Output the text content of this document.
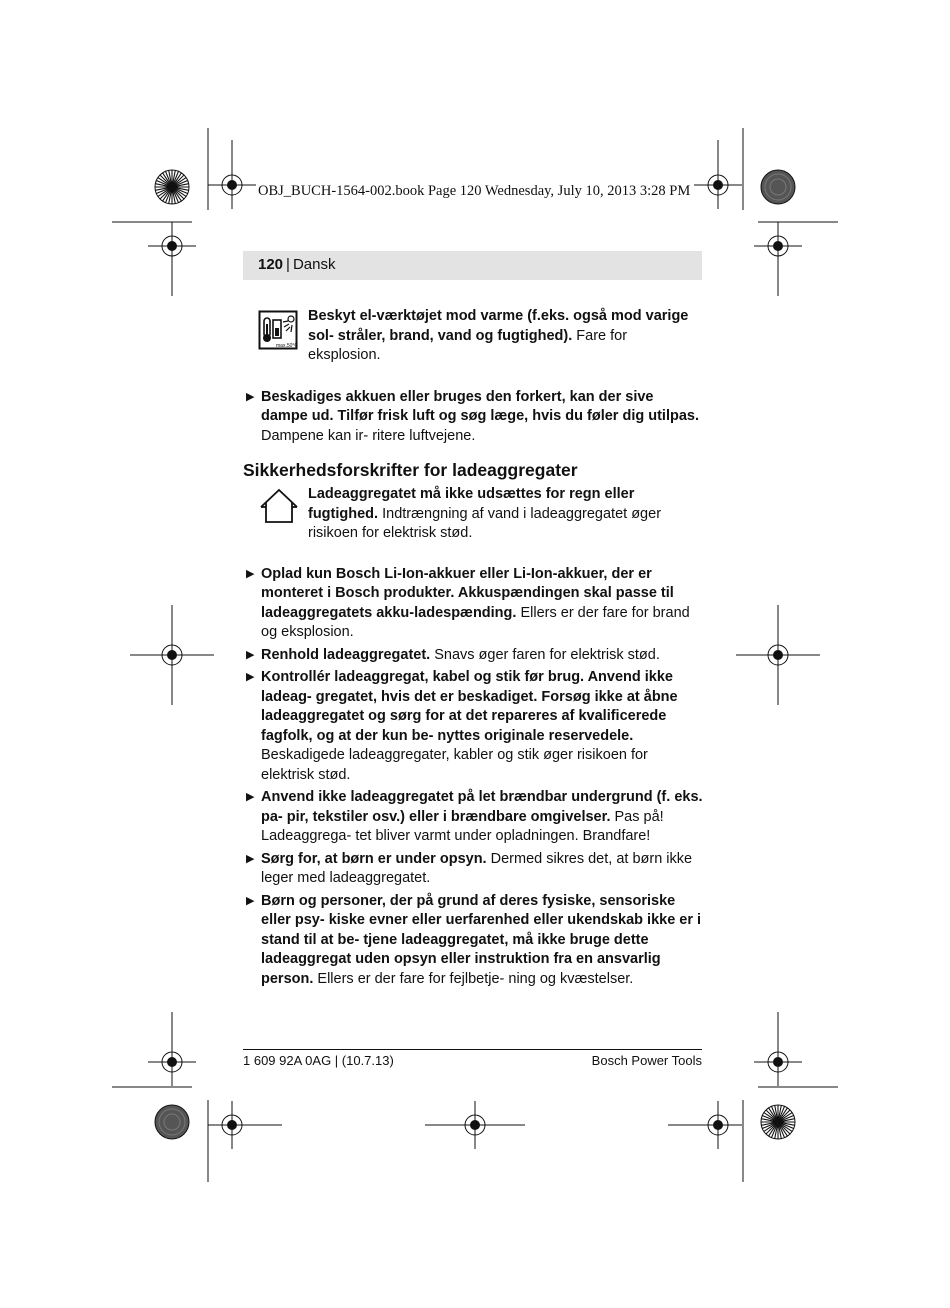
OBJ_BUCH-1564-002.book Page 120 Wednesday, July 10, 2013 3:28 PM
120 | Dansk
max.50°C
Beskyt el-værktøjet mod varme (f.eks. også mod varige sol- stråler, brand, vand og fugtighed). Fare for eksplosion.
▶ Beskadiges akkuen eller bruges den forkert, kan der sive dampe ud. Tilfør frisk luft og søg læge, hvis du føler dig utilpas. Dampene kan ir- ritere luftvejene.
Sikkerhedsforskrifter for ladeaggregater
Ladeaggregatet må ikke udsættes for regn eller fugtighed. Indtrængning af vand i ladeaggregatet øger risikoen for elektrisk stød.
▶ Oplad kun Bosch Li-Ion-akkuer eller Li-Ion-akkuer, der er monteret i Bosch produkter. Akkuspændingen skal passe til ladeaggregatets akku-ladespænding. Ellers er der fare for brand og eksplosion.
▶ Renhold ladeaggregatet. Snavs øger faren for elektrisk stød.
▶ Kontrollér ladeaggregat, kabel og stik før brug. Anvend ikke ladeag- gregatet, hvis det er beskadiget. Forsøg ikke at åbne ladeaggregatet og sørg for at det repareres af kvalificerede fagfolk, og at der kun be- nyttes originale reservedele. Beskadigede ladeaggregater, kabler og stik øger risikoen for elektrisk stød.
▶ Anvend ikke ladeaggregatet på let brændbar undergrund (f. eks. pa- pir, tekstiler osv.) eller i brændbare omgivelser. Pas på! Ladeaggrega- tet bliver varmt under opladningen. Brandfare!
▶ Sørg for, at børn er under opsyn. Dermed sikres det, at børn ikke leger med ladeaggregatet.
▶ Børn og personer, der på grund af deres fysiske, sensoriske eller psy- kiske evner eller uerfarenhed eller ukendskab ikke er i stand til at be- tjene ladeaggregatet, må ikke bruge dette ladeaggregat uden opsyn eller instruktion fra en ansvarlig person. Ellers er der fare for fejlbetje- ning og kvæstelser.
1 609 92A 0AG | (10.7.13)	Bosch Power Tools
